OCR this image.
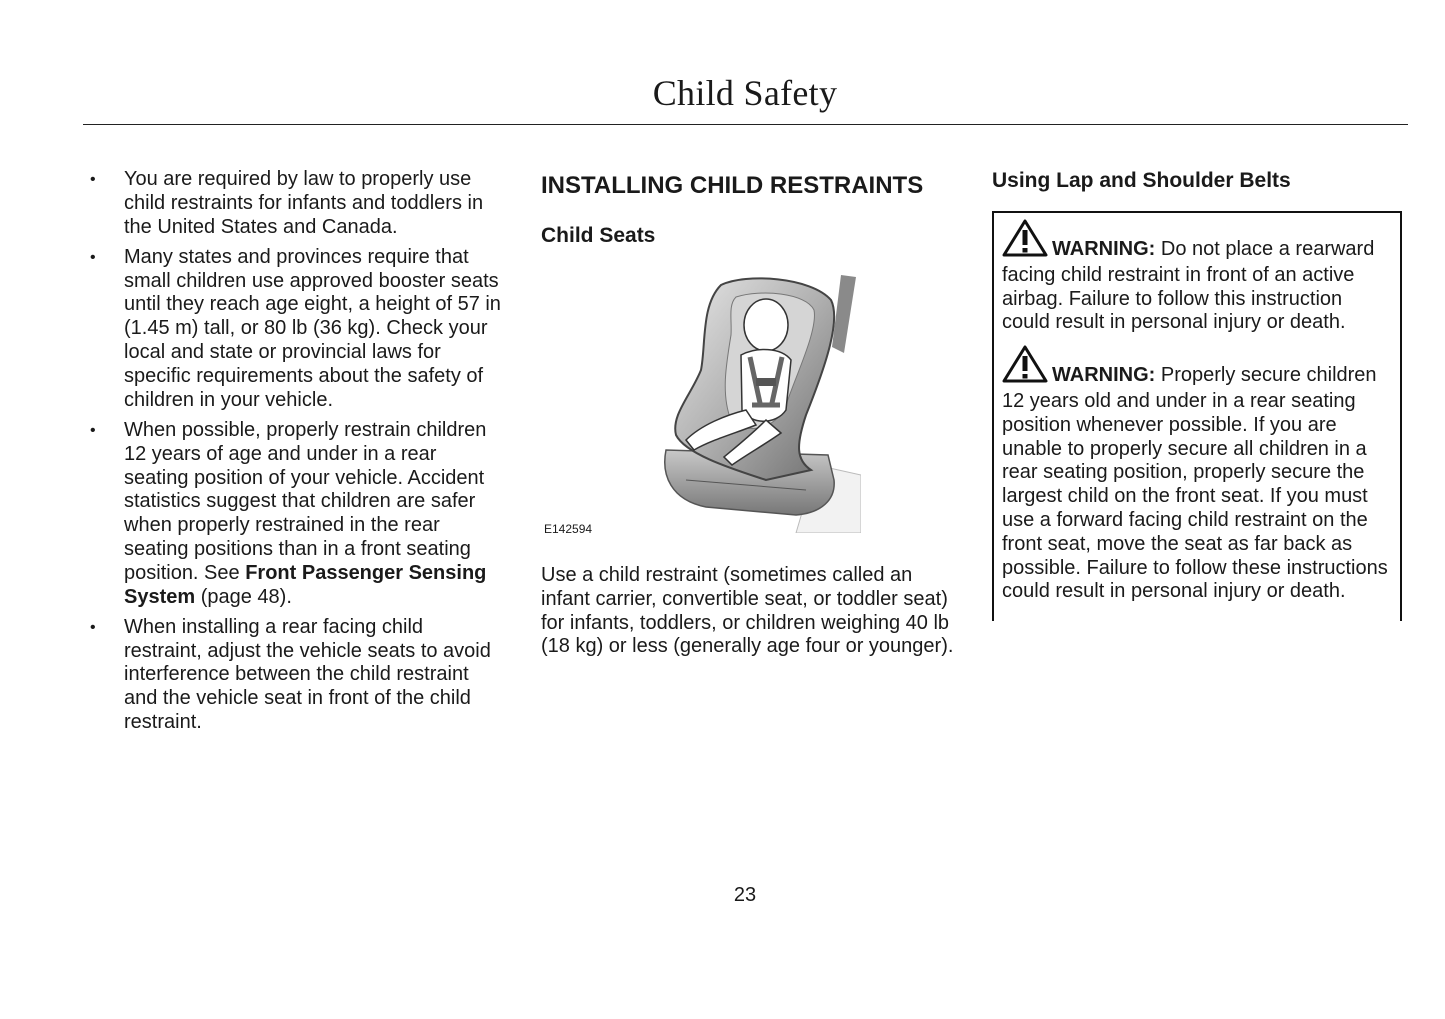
Child Safety
• You are required by law to properly use child restraints for infants and toddlers in the United States and Canada.
• Many states and provinces require that small children use approved booster seats until they reach age eight, a height of 57 in (1.45 m) tall, or 80 lb (36 kg). Check your local and state or provincial laws for specific requirements about the safety of children in your vehicle.
• When possible, properly restrain children 12 years of age and under in a rear seating position of your vehicle. Accident statistics suggest that children are safer when properly restrained in the rear seating positions than in a front seating position. See Front Passenger Sensing System (page 48).
• When installing a rear facing child restraint, adjust the vehicle seats to avoid interference between the child restraint and the vehicle seat in front of the child restraint.
INSTALLING CHILD RESTRAINTS
Child Seats
E142594
Use a child restraint (sometimes called an infant carrier, convertible seat, or toddler seat) for infants, toddlers, or children weighing 40 lb (18 kg) or less (generally age four or younger).
Using Lap and Shoulder Belts
WARNING: Do not place a rearward facing child restraint in front of an active airbag. Failure to follow this instruction could result in personal injury or death.
WARNING: Properly secure children 12 years old and under in a rear seating position whenever possible. If you are unable to properly secure all children in a rear seating position, properly secure the largest child on the front seat. If you must use a forward facing child restraint on the front seat, move the seat as far back as possible. Failure to follow these instructions could result in personal injury or death.
23
